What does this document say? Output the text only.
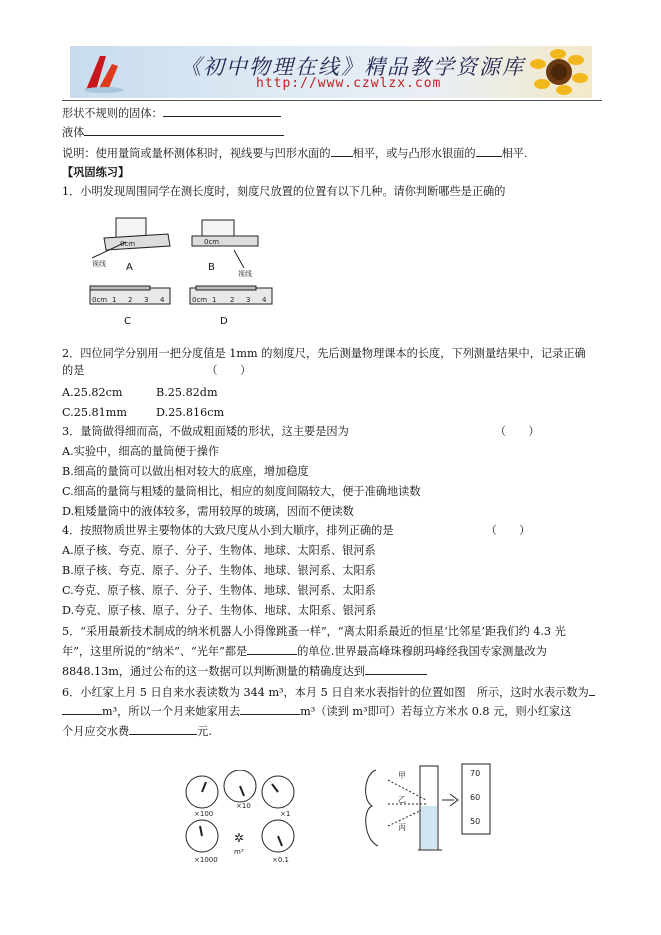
《初中物理在线》精品教学资源库
http://www.czwlzx.com
形状不规则的固体：
液体
说明：使用量筒或量杯测体积时，视线要与凹形水面的 相平，或与凸形水银面的 相平.
【巩固练习】
1．小明发现周围同学在测长度时，刻度尺放置的位置有以下几种。请你判断哪些是正确的
0cm	0cm
0cm 1 2 3 4	0cm 1 2 3 4
视线
视线
A	B
C	D
2．四位同学分别用一把分度值是 1mm 的刻度尺，先后测量物理课本的长度，下列测量结果中，记录正确
的是	（　　）
A.25.82cm	B.25.82dm
C.25.81mm	D.25.816cm
3．量筒做得细而高，不做成粗面矮的形状，这主要是因为	（　　）
A.实验中，细高的量筒便于操作
B.细高的量筒可以做出相对较大的底座，增加稳度
C.细高的量筒与粗矮的量筒相比，相应的刻度间隔较大，便于准确地读数
D.粗矮量筒中的液体较多，需用较厚的玻璃，因而不便读数
4．按照物质世界主要物体的大致尺度从小到大顺序，排列正确的是	（　　）
A.原子核、夸克、原子、分子、生物体、地球、太阳系、银河系
B.原子核、夸克、原子、分子、生物体、地球、银河系、太阳系
C.夸克、原子核、原子、分子、生物体、地球、银河系、太阳系
D.夸克、原子核、原子、分子、生物体、地球、太阳系、银河系
5．“采用最新技术制成的纳米机器人小得像跳蚤一样”，“离太阳系最近的恒星‘比邻星’距我们约 4.3 光
年”，这里所说的“纳米”、“光年”都是	的单位.世界最高峰珠穆朗玛峰经我国专家测量改为
8848.13m，通过公布的这一数据可以判断测量的精确度达到
6．小红家上月 5 日自来水表读数为 344 m³，本月 5 日自来水表指针的位置如图　所示，这时水表示数为
m³，所以一个月来她家用去	m³（读到 m³即可）若每立方米水 0.8 元，则小红家这
个月应交水费	元.
×100
×10
×1
×1000	×0.1
m³
✲
甲
乙
丙
70
60
50
